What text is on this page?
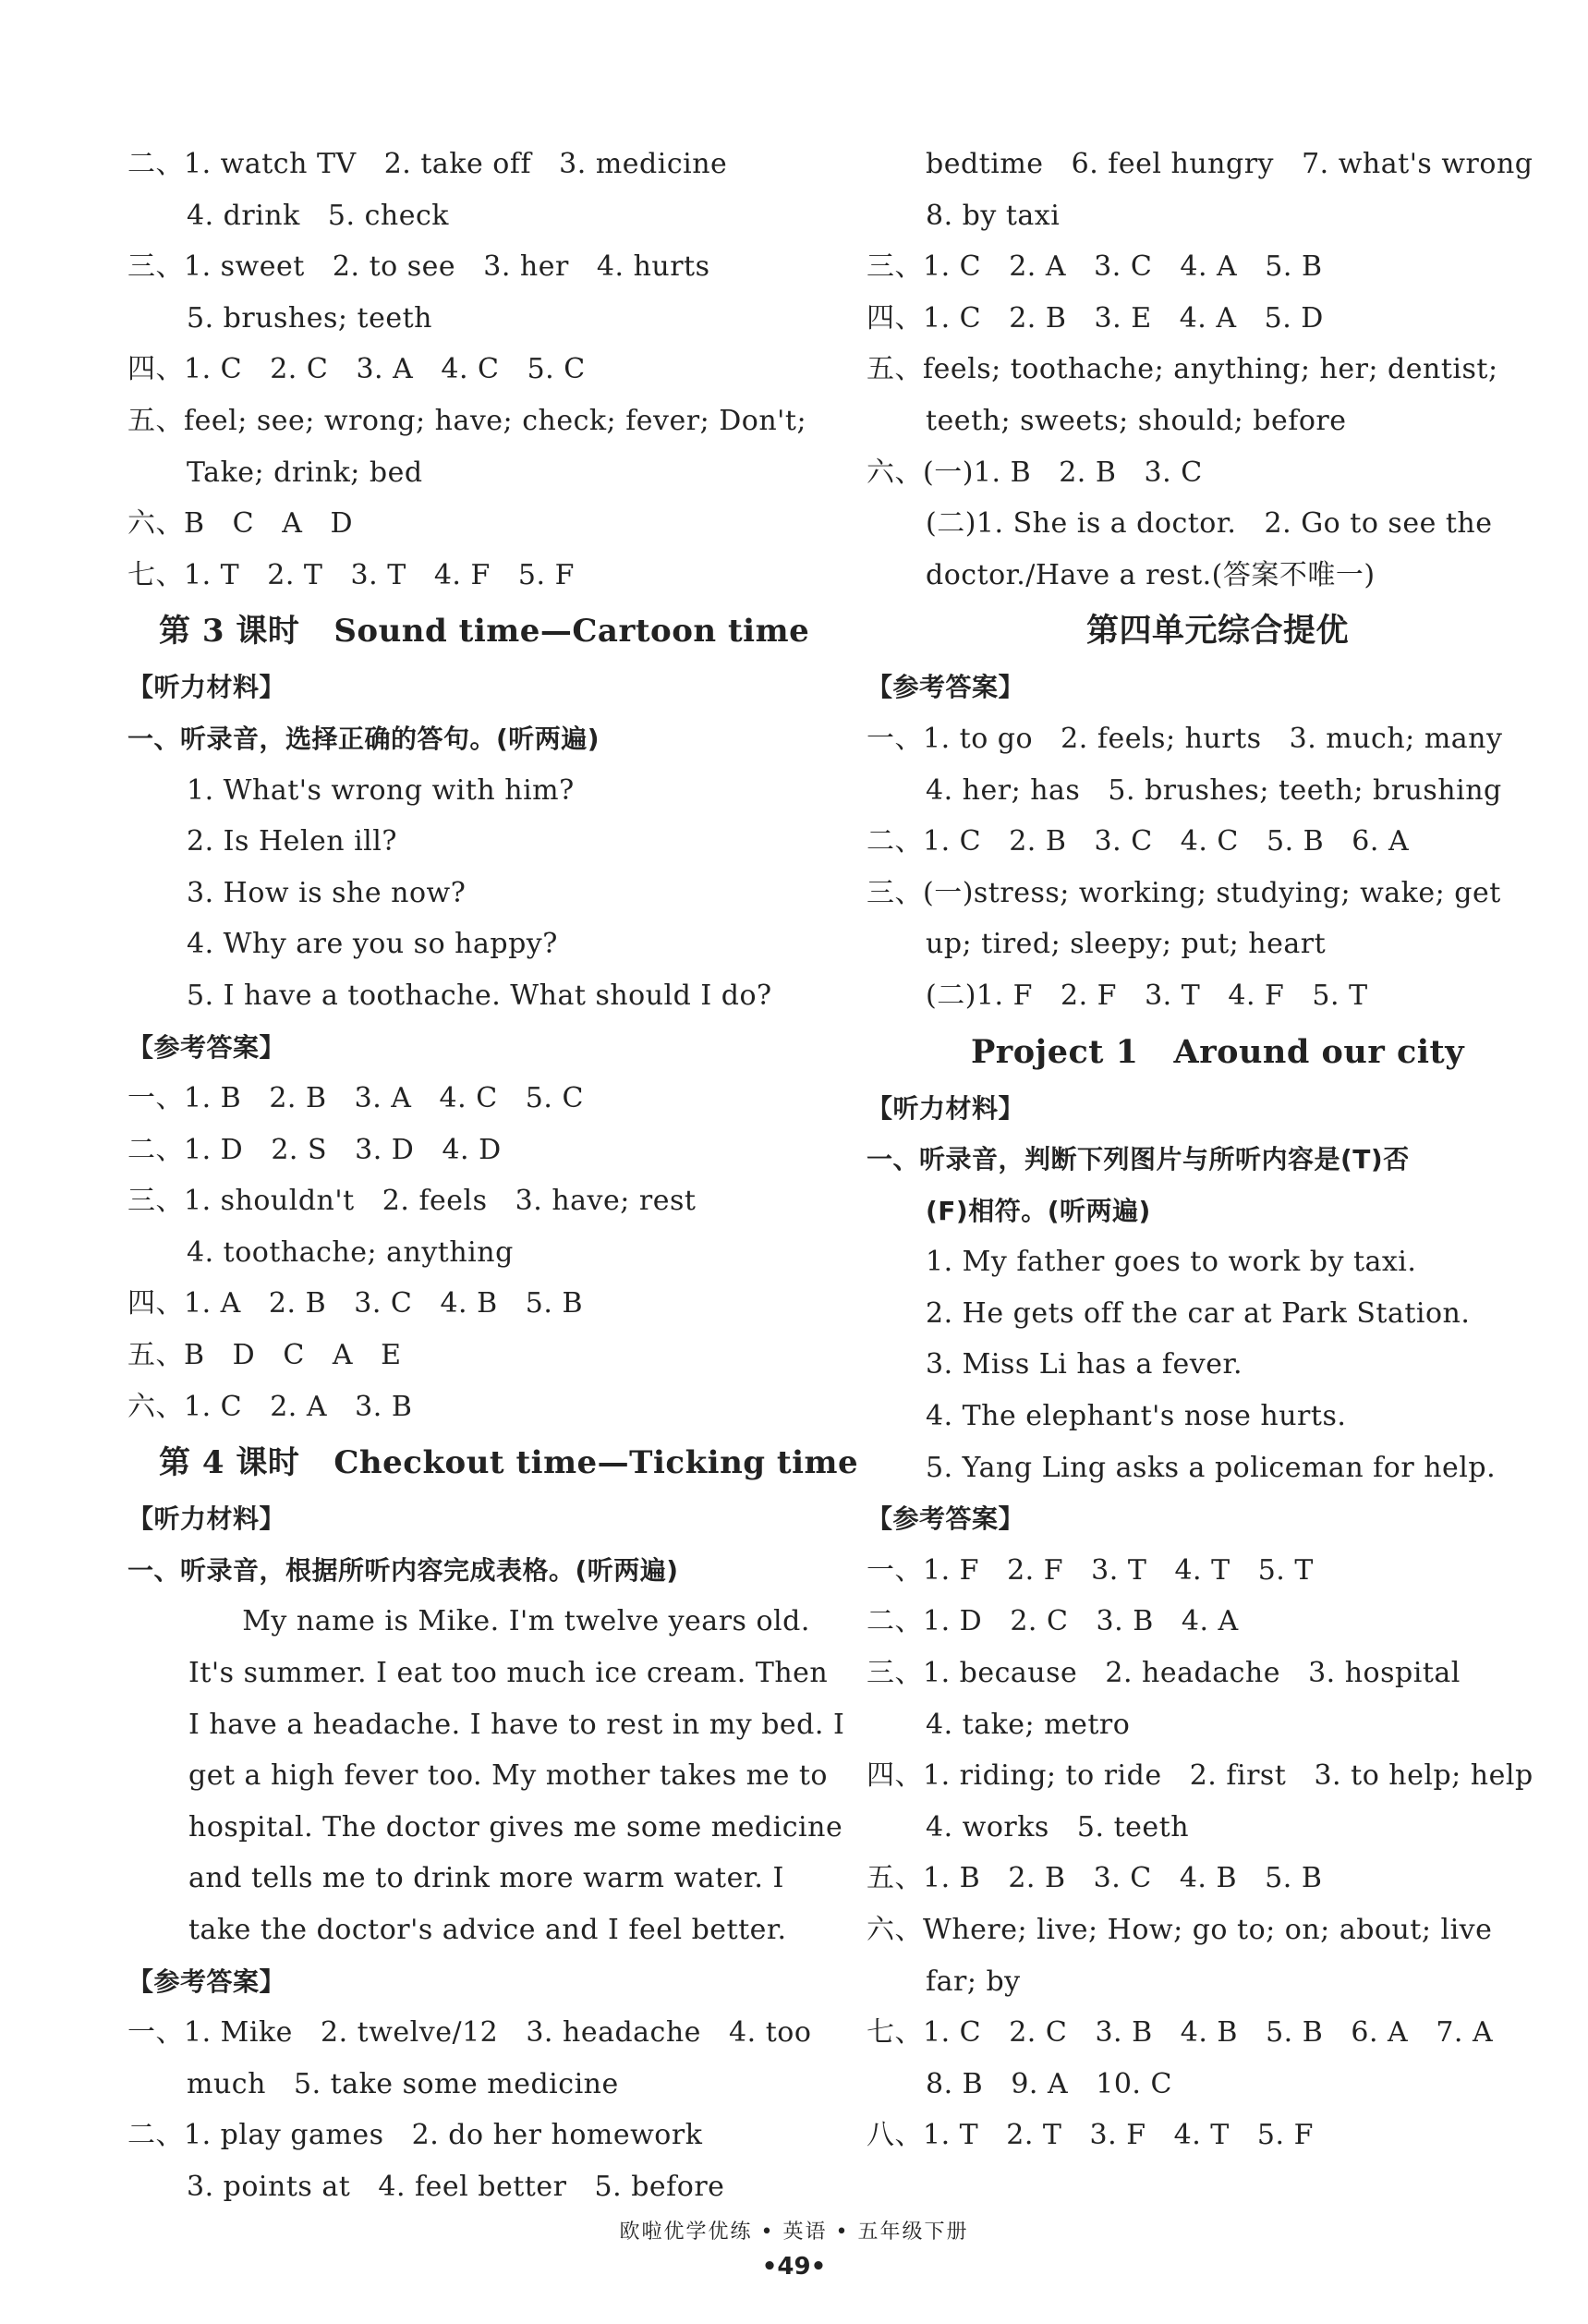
二、1. watch TV   2. take off   3. medicine
4. drink   5. check
三、1. sweet   2. to see   3. her   4. hurts
5. brushes; teeth
四、1. C   2. C   3. A   4. C   5. C
五、feel; see; wrong; have; check; fever; Don't;
Take; drink; bed
六、B   C   A   D
七、1. T   2. T   3. T   4. F   5. F
第 3 课时   Sound time—Cartoon time
【听力材料】
一、听录音，选择正确的答句。(听两遍)
1. What's wrong with him?
2. Is Helen ill?
3. How is she now?
4. Why are you so happy?
5. I have a toothache. What should I do?
【参考答案】
一、1. B   2. B   3. A   4. C   5. C
二、1. D   2. S   3. D   4. D
三、1. shouldn't   2. feels   3. have; rest
4. toothache; anything
四、1. A   2. B   3. C   4. B   5. B
五、B   D   C   A   E
六、1. C   2. A   3. B
第 4 课时   Checkout time—Ticking time
【听力材料】
一、听录音，根据所听内容完成表格。(听两遍)
My name is Mike. I'm twelve years old.
It's summer. I eat too much ice cream. Then
I have a headache. I have to rest in my bed. I
get a high fever too. My mother takes me to
hospital. The doctor gives me some medicine
and tells me to drink more warm water. I
take the doctor's advice and I feel better.
【参考答案】
一、1. Mike   2. twelve/12   3. headache   4. too
much   5. take some medicine
二、1. play games   2. do her homework
3. points at   4. feel better   5. before
bedtime   6. feel hungry   7. what's wrong
8. by taxi
三、1. C   2. A   3. C   4. A   5. B
四、1. C   2. B   3. E   4. A   5. D
五、feels; toothache; anything; her; dentist;
teeth; sweets; should; before
六、(一)1. B   2. B   3. C
(二)1. She is a doctor.   2. Go to see the
doctor./Have a rest.(答案不唯一)
第四单元综合提优
【参考答案】
一、1. to go   2. feels; hurts   3. much; many
4. her; has   5. brushes; teeth; brushing
二、1. C   2. B   3. C   4. C   5. B   6. A
三、(一)stress; working; studying; wake; get
up; tired; sleepy; put; heart
(二)1. F   2. F   3. T   4. F   5. T
Project 1   Around our city
【听力材料】
一、听录音，判断下列图片与所听内容是(T)否
(F)相符。(听两遍)
1. My father goes to work by taxi.
2. He gets off the car at Park Station.
3. Miss Li has a fever.
4. The elephant's nose hurts.
5. Yang Ling asks a policeman for help.
【参考答案】
一、1. F   2. F   3. T   4. T   5. T
二、1. D   2. C   3. B   4. A
三、1. because   2. headache   3. hospital
4. take; metro
四、1. riding; to ride   2. first   3. to help; help
4. works   5. teeth
五、1. B   2. B   3. C   4. B   5. B
六、Where; live; How; go to; on; about; live
far; by
七、1. C   2. C   3. B   4. B   5. B   6. A   7. A
8. B   9. A   10. C
八、1. T   2. T   3. F   4. T   5. F
欧啦优学优练 • 英语 • 五年级下册
•49•
